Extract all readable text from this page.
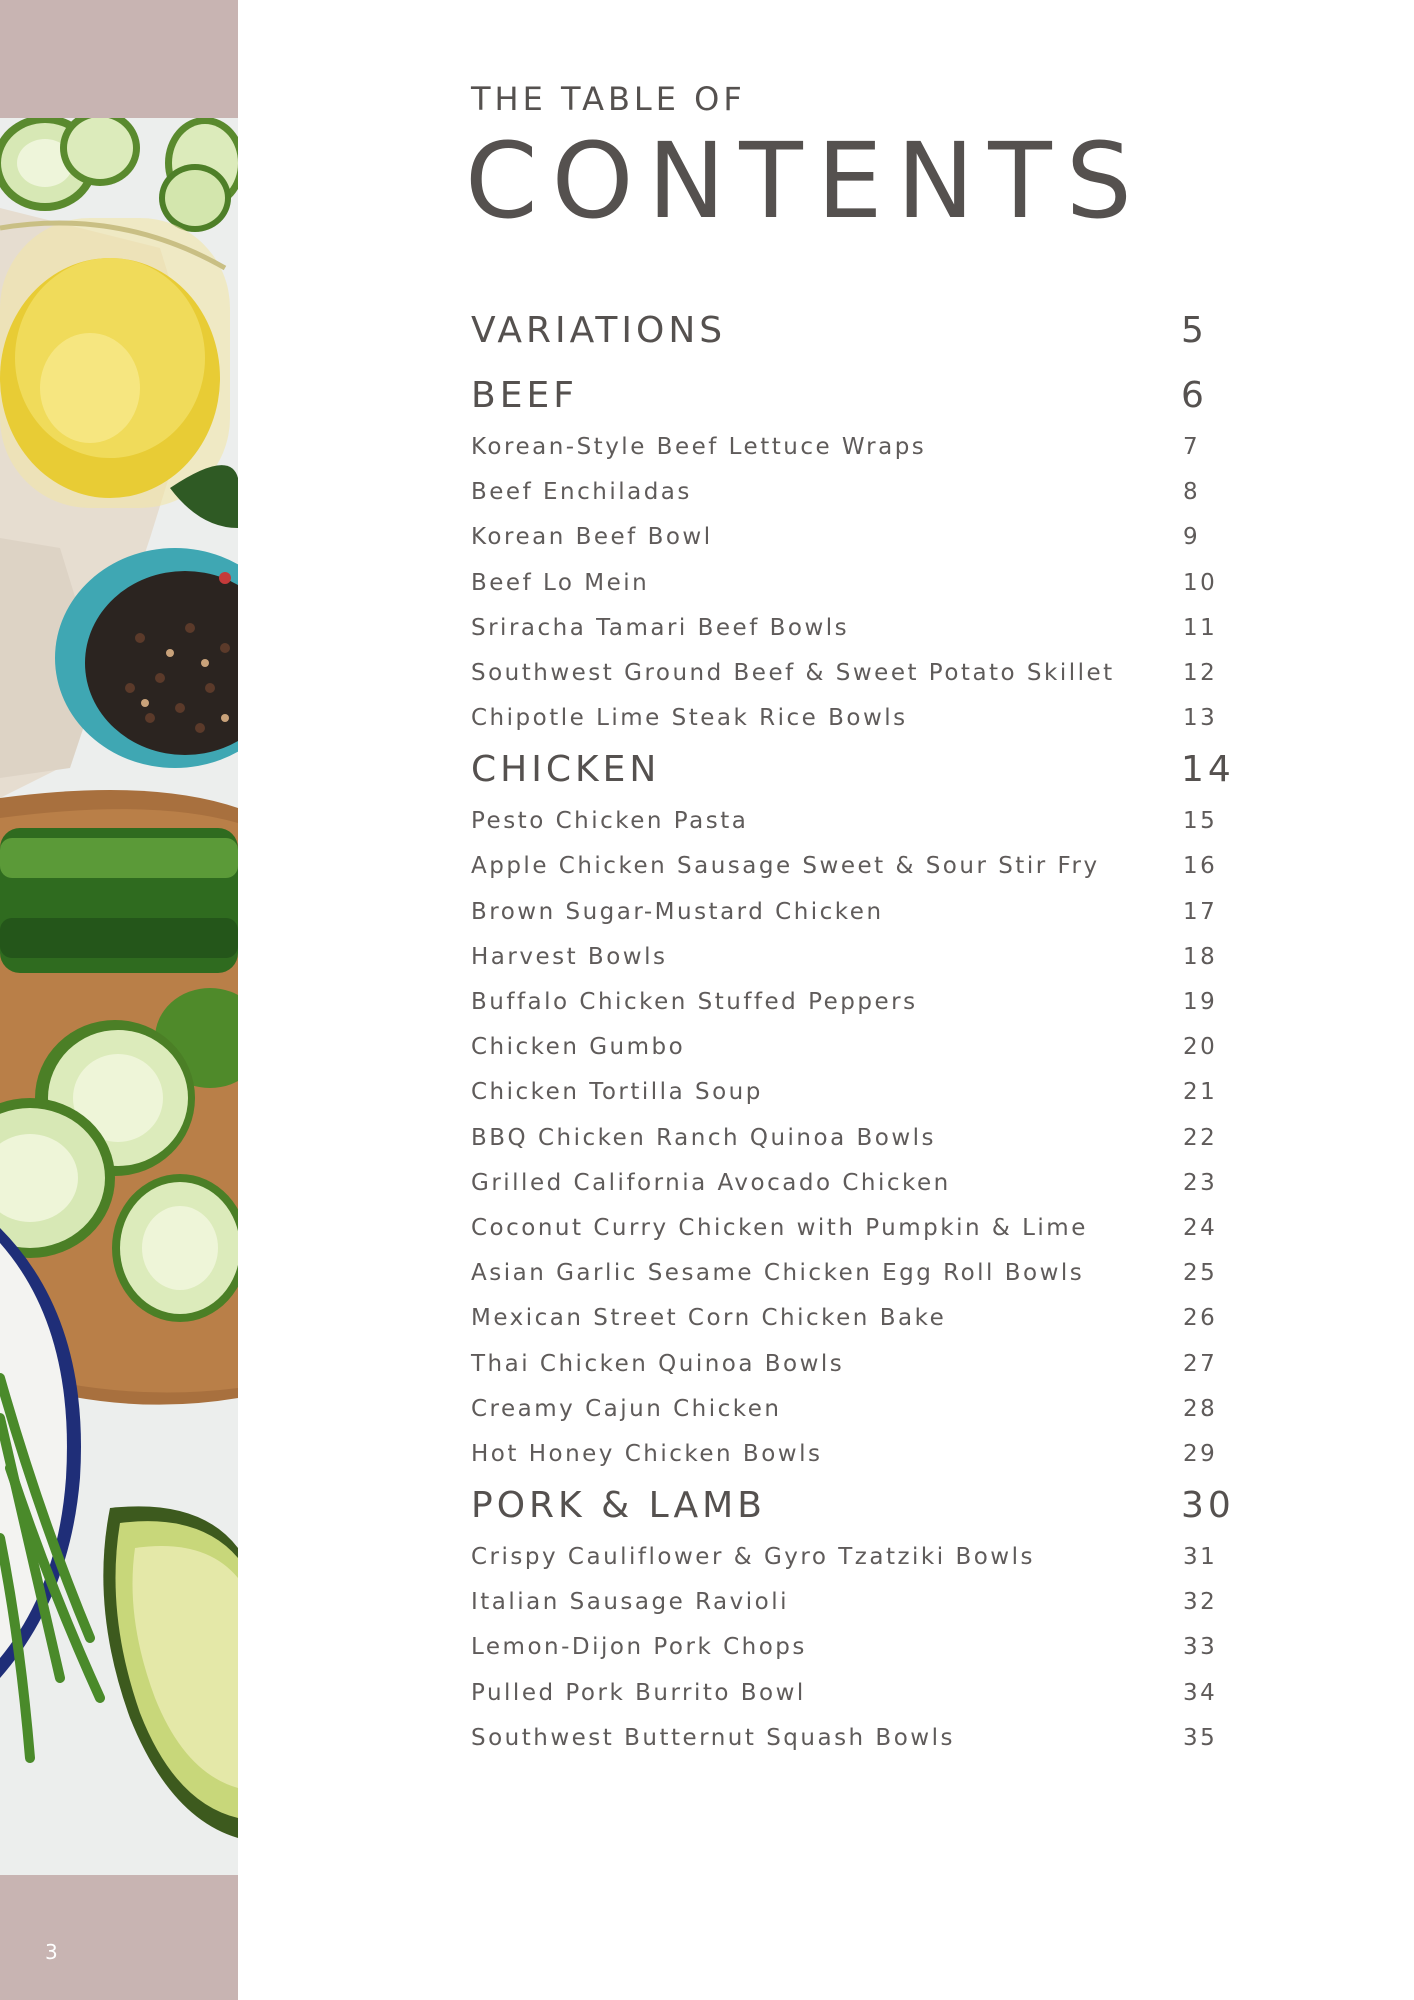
3
THE TABLE OF
CONTENTS
VARIATIONS	5
BEEF	6
Korean-Style Beef Lettuce Wraps	7
Beef Enchiladas	8
Korean Beef Bowl	9
Beef Lo Mein	10
Sriracha Tamari Beef Bowls	11
Southwest Ground Beef & Sweet Potato Skillet	12
Chipotle Lime Steak Rice Bowls	13
CHICKEN	14
Pesto Chicken Pasta	15
Apple Chicken Sausage Sweet & Sour Stir Fry	16
Brown Sugar-Mustard Chicken	17
Harvest Bowls	18
Buffalo Chicken Stuffed Peppers	19
Chicken Gumbo	20
Chicken Tortilla Soup	21
BBQ Chicken Ranch Quinoa Bowls	22
Grilled California Avocado Chicken	23
Coconut Curry Chicken with Pumpkin & Lime	24
Asian Garlic Sesame Chicken Egg Roll Bowls	25
Mexican Street Corn Chicken Bake	26
Thai Chicken Quinoa Bowls	27
Creamy Cajun Chicken	28
Hot Honey Chicken Bowls	29
PORK & LAMB	30
Crispy Cauliflower & Gyro Tzatziki Bowls	31
Italian Sausage Ravioli	32
Lemon-Dijon Pork Chops	33
Pulled Pork Burrito Bowl	34
Southwest Butternut Squash Bowls	35
